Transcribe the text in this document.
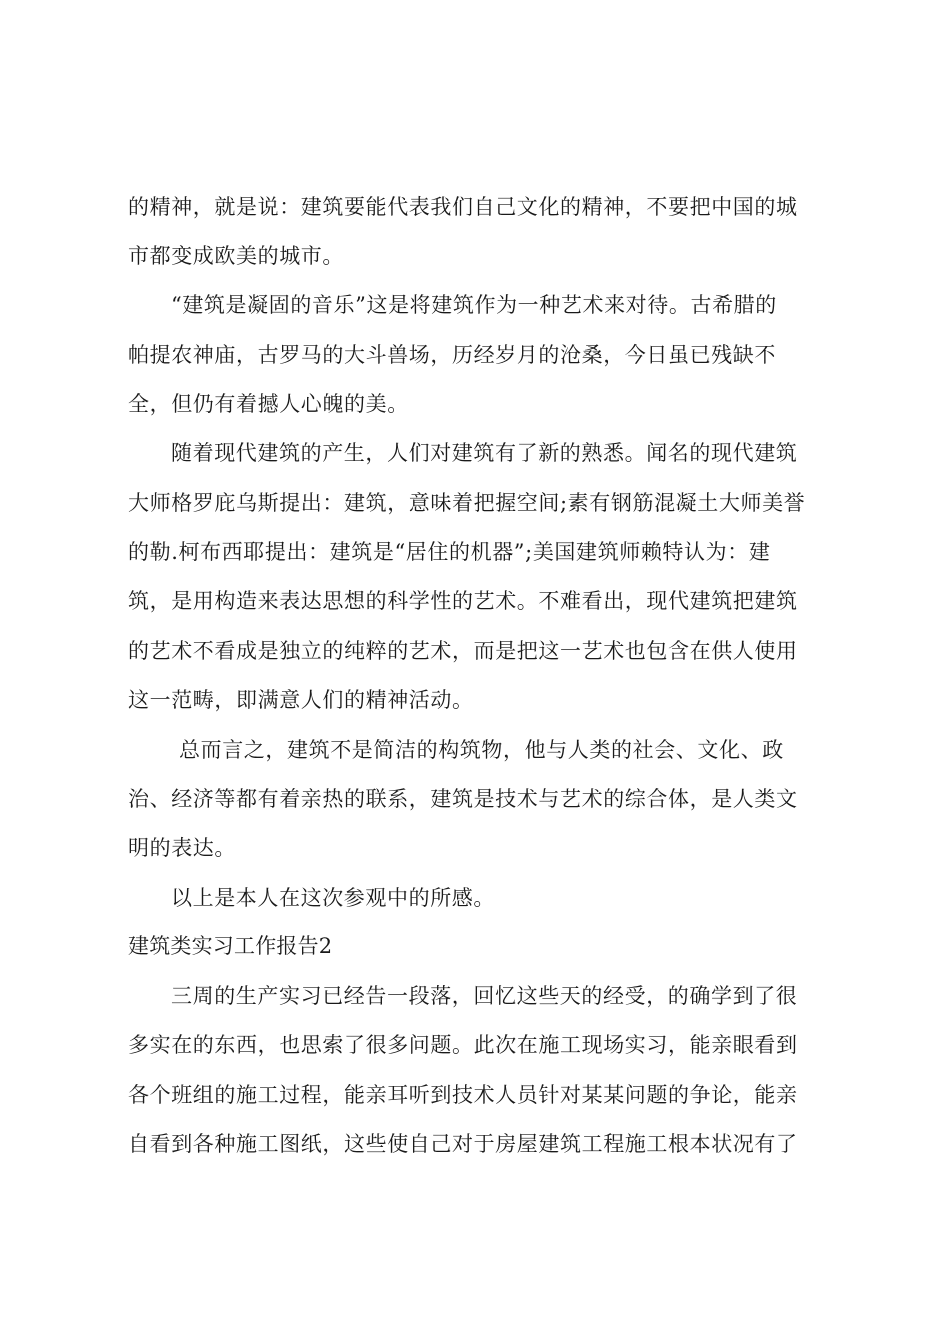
的精神，就是说：建筑要能代表我们自己文化的精神，不要把中国的城
市都变成欧美的城市。
“建筑是凝固的音乐”这是将建筑作为一种艺术来对待。古希腊的
帕提农神庙，古罗马的大斗兽场，历经岁月的沧桑，今日虽已残缺不
全，但仍有着撼人心魄的美。
随着现代建筑的产生，人们对建筑有了新的熟悉。闻名的现代建筑
大师格罗庇乌斯提出：建筑，意味着把握空间;素有钢筋混凝土大师美誉
的勒.柯布西耶提出：建筑是“居住的机器”;美国建筑师赖特认为：建
筑，是用构造来表达思想的科学性的艺术。不难看出，现代建筑把建筑
的艺术不看成是独立的纯粹的艺术，而是把这一艺术也包含在供人使用
这一范畴，即满意人们的精神活动。
总而言之，建筑不是简洁的构筑物，他与人类的社会、文化、政
治、经济等都有着亲热的联系，建筑是技术与艺术的综合体，是人类文
明的表达。
以上是本人在这次参观中的所感。
建筑类实习工作报告2
三周的生产实习已经告一段落，回忆这些天的经受，的确学到了很
多实在的东西，也思索了很多问题。此次在施工现场实习，能亲眼看到
各个班组的施工过程，能亲耳听到技术人员针对某某问题的争论，能亲
自看到各种施工图纸，这些使自己对于房屋建筑工程施工根本状况有了
